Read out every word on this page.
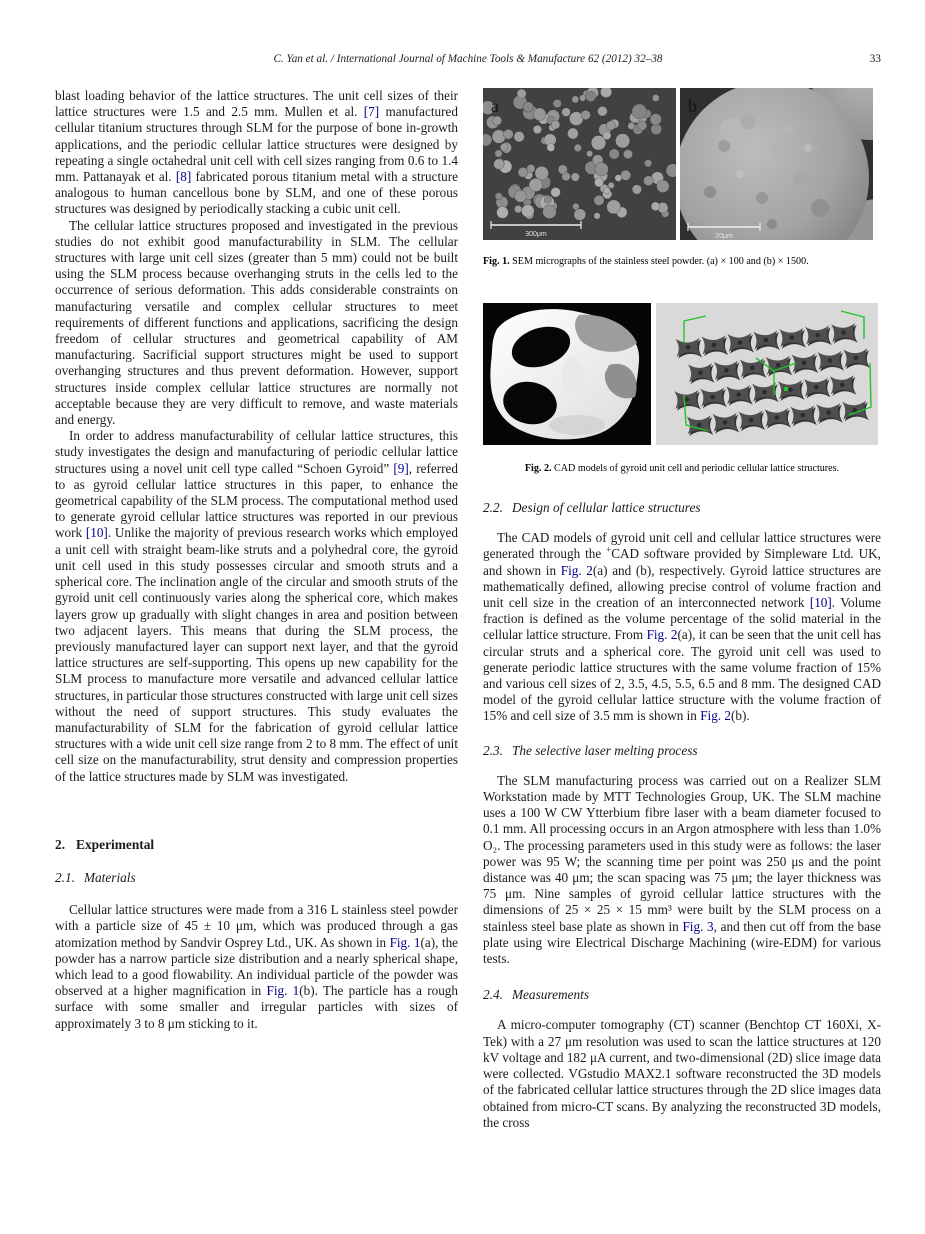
C. Yan et al. / International Journal of Machine Tools & Manufacture 62 (2012) 32–38	33

blast loading behavior of the lattice structures. The unit cell sizes of their lattice structures were 1.5 and 2.5 mm. Mullen et al. [7] manufactured cellular titanium structures through SLM for the purpose of bone in-growth applications, and the periodic cellular lattice structures were designed by repeating a single octahedral unit cell with cell sizes ranging from 0.6 to 1.4 mm. Pattanayak et al. [8] fabricated porous titanium metal with a structure analogous to human cancellous bone by SLM, and one of these porous structures was designed by periodically stacking a cubic unit cell.

The cellular lattice structures proposed and investigated in the previous studies do not exhibit good manufacturability in SLM. The cellular structures with large unit cell sizes (greater than 5 mm) could not be built using the SLM process because overhanging struts in the cells led to the occurrence of serious deformation. This adds considerable constraints on manufacturing versatile and complex cellular structures to meet requirements of different functions and applications, sacrificing the design freedom of cellular structures and geometrical capability of AM manufacturing. Sacrificial support structures might be used to support overhanging structures and thus prevent deformation. However, support structures inside complex cellular lattice structures are normally not acceptable because they are very difficult to remove, and waste materials and energy.

In order to address manufacturability of cellular lattice structures, this study investigates the design and manufacturing of periodic cellular lattice structures using a novel unit cell type called “Schoen Gyroid” [9], referred to as gyroid cellular lattice structures in this paper, to enhance the geometrical capability of the SLM process. The computational method used to generate gyroid cellular lattice structures was reported in our previous work [10]. Unlike the majority of previous research works which employed a unit cell with straight beam-like struts and a polyhedral core, the gyroid unit cell used in this study possesses circular and smooth struts and a spherical core. The inclination angle of the circular and smooth struts of the gyroid unit cell continuously varies along the spherical core, which makes layers grow up gradually with slight changes in area and position between two adjacent layers. This means that during the SLM process, the previously manufactured layer can support next layer, and that the gyroid lattice structures are self-supporting. This opens up new capability for the SLM process to manufacture more versatile and advanced cellular lattice structures, in particular those structures constructed with large unit cell sizes without the need of support structures. This study evaluates the manufacturability of SLM for the fabrication of gyroid cellular lattice structures with a wide unit cell size range from 2 to 8 mm. The effect of unit cell size on the manufacturability, strut density and compression properties of the lattice structures made by SLM was investigated.

2. Experimental
2.1. Materials

Cellular lattice structures were made from a 316 L stainless steel powder with a particle size of 45 ± 10 μm, which was produced through a gas atomization method by Sandvir Osprey Ltd., UK. As shown in Fig. 1(a), the powder has a narrow particle size distribution and a nearly spherical shape, which lead to a good flowability. An individual particle of the powder was observed at a higher magnification in Fig. 1(b). The particle has a rough surface with some smaller and irregular particles with sizes of approximately 3 to 8 μm sticking to it.

a
300μm
b
20μm
Fig. 1. SEM micrographs of the stainless steel powder. (a) × 100 and (b) × 1500.
Fig. 2. CAD models of gyroid unit cell and periodic cellular lattice structures.
2.2. Design of cellular lattice structures

The CAD models of gyroid unit cell and cellular lattice structures were generated through the +CAD software provided by Simpleware Ltd. UK, and shown in Fig. 2(a) and (b), respectively. Gyroid lattice structures are mathematically defined, allowing precise control of volume fraction and unit cell size in the creation of an interconnected network [10]. Volume fraction is defined as the volume percentage of the solid material in the cellular lattice structure. From Fig. 2(a), it can be seen that the unit cell has circular struts and a spherical core. The gyroid unit cell was used to generate periodic lattice structures with the same volume fraction of 15% and various cell sizes of 2, 3.5, 4.5, 5.5, 6.5 and 8 mm. The designed CAD model of the gyroid cellular lattice structure with the volume fraction of 15% and cell size of 3.5 mm is shown in Fig. 2(b).

2.3. The selective laser melting process

The SLM manufacturing process was carried out on a Realizer SLM Workstation made by MTT Technologies Group, UK. The SLM machine uses a 100 W CW Ytterbium fibre laser with a beam diameter focused to 0.1 mm. All processing occurs in an Argon atmosphere with less than 1.0% O₂. The processing parameters used in this study were as follows: the laser power was 95 W; the scanning time per point was 250 μs and the point distance was 40 μm; the scan spacing was 75 μm; the layer thickness was 75 μm. Nine samples of gyroid cellular lattice structures with the dimensions of 25 × 25 × 15 mm³ were built by the SLM process on a stainless steel base plate as shown in Fig. 3, and then cut off from the base plate using wire Electrical Discharge Machining (wire-EDM) for various tests.

2.4. Measurements

A micro-computer tomography (CT) scanner (Benchtop CT 160Xi, X-Tek) with a 27 μm resolution was used to scan the lattice structures at 120 kV voltage and 182 μA current, and two-dimensional (2D) slice image data were collected. VGstudio MAX2.1 software reconstructed the 3D models of the fabricated cellular lattice structures through the 2D slice images data obtained from micro-CT scans. By analyzing the reconstructed 3D models, the cross
